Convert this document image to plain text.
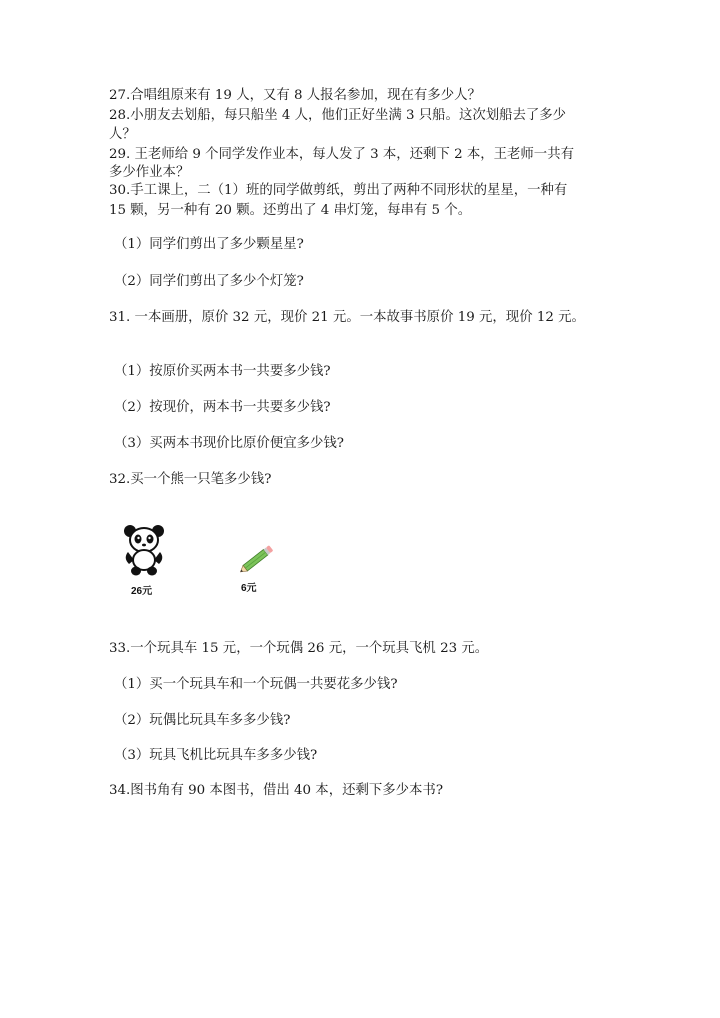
27.合唱组原来有 19 人，又有 8 人报名参加，现在有多少人？
28.小朋友去划船，每只船坐 4 人，他们正好坐满 3 只船。这次划船去了多少
人？
29. 王老师给 9 个同学发作业本，每人发了 3 本，还剩下 2 本，王老师一共有
多少作业本？
30.手工课上，二（1）班的同学做剪纸，剪出了两种不同形状的星星，一种有
15 颗，另一种有 20 颗。还剪出了 4 串灯笼，每串有 5 个。
（1）同学们剪出了多少颗星星?
（2）同学们剪出了多少个灯笼?
31. 一本画册，原价 32 元，现价 21 元。一本故事书原价 19 元，现价 12 元。
（1）按原价买两本书一共要多少钱?
（2）按现价，两本书一共要多少钱?
（3）买两本书现价比原价便宜多少钱?
32.买一个熊一只笔多少钱?
26元	6元
33.一个玩具车 15 元，一个玩偶 26 元，一个玩具飞机 23 元。
（1）买一个玩具车和一个玩偶一共要花多少钱?
（2）玩偶比玩具车多多少钱?
（3）玩具飞机比玩具车多多少钱?
34.图书角有 90 本图书，借出 40 本，还剩下多少本书?
